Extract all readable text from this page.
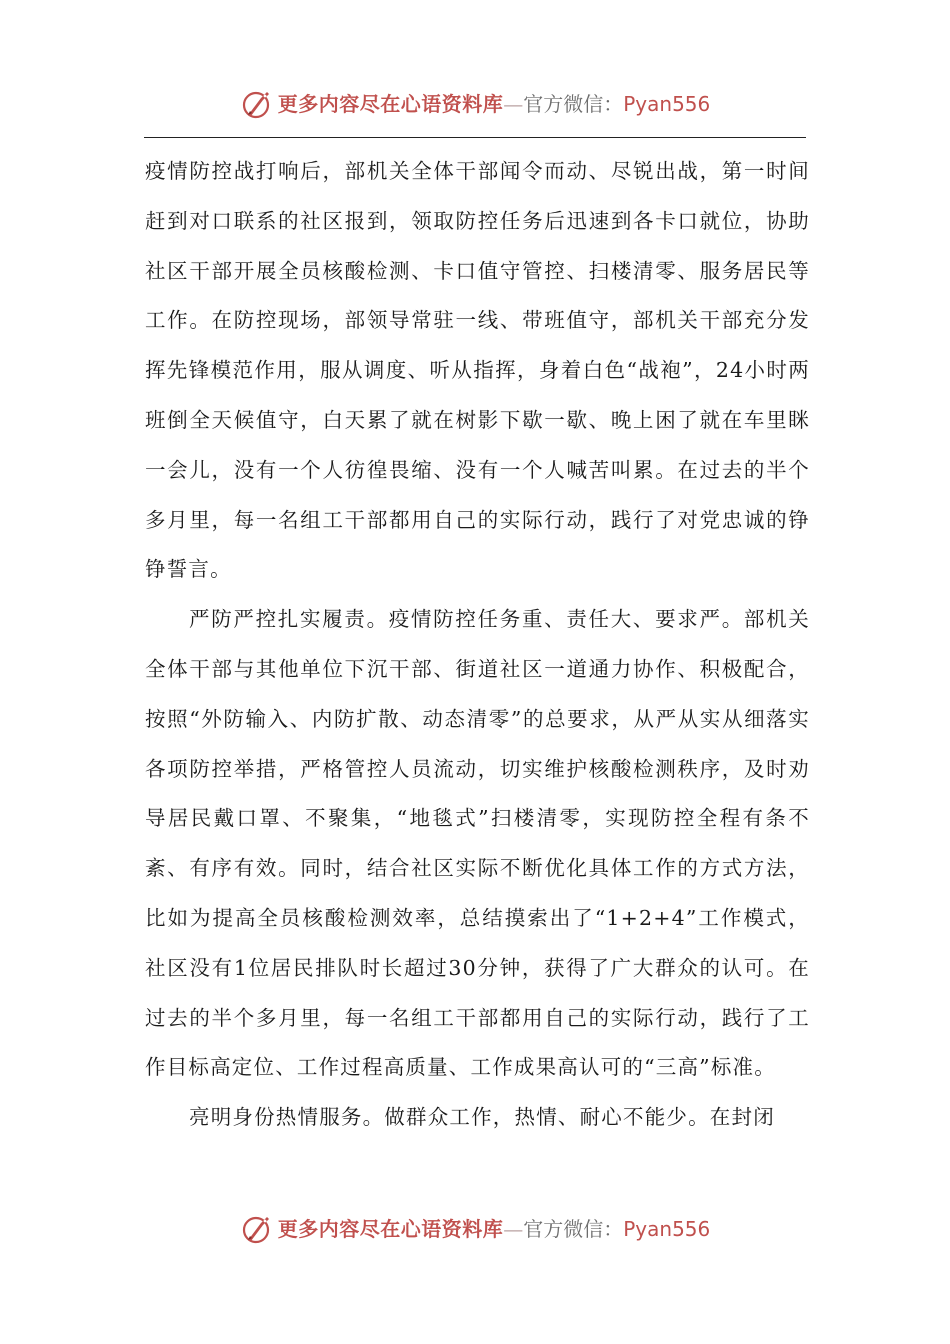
更多内容尽在心语资料库—官方微信：Pyan556

疫情防控战打响后，部机关全体干部闻令而动、尽锐出战，第一时间赶到对口联系的社区报到，领取防控任务后迅速到各卡口就位，协助社区干部开展全员核酸检测、卡口值守管控、扫楼清零、服务居民等工作。在防控现场，部领导常驻一线、带班值守，部机关干部充分发挥先锋模范作用，服从调度、听从指挥，身着白色“战袍”，24小时两班倒全天候值守，白天累了就在树影下歇一歇、晚上困了就在车里眯一会儿，没有一个人彷徨畏缩、没有一个人喊苦叫累。在过去的半个多月里，每一名组工干部都用自己的实际行动，践行了对党忠诚的铮铮誓言。

严防严控扎实履责。疫情防控任务重、责任大、要求严。部机关全体干部与其他单位下沉干部、街道社区一道通力协作、积极配合，按照“外防输入、内防扩散、动态清零”的总要求，从严从实从细落实各项防控举措，严格管控人员流动，切实维护核酸检测秩序，及时劝导居民戴口罩、不聚集，“地毯式”扫楼清零，实现防控全程有条不紊、有序有效。同时，结合社区实际不断优化具体工作的方式方法，比如为提高全员核酸检测效率，总结摸索出了“1+2+4”工作模式，社区没有1位居民排队时长超过30分钟，获得了广大群众的认可。在过去的半个多月里，每一名组工干部都用自己的实际行动，践行了工作目标高定位、工作过程高质量、工作成果高认可的“三高”标准。

亮明身份热情服务。做群众工作，热情、耐心不能少。在封闭

更多内容尽在心语资料库—官方微信：Pyan556
